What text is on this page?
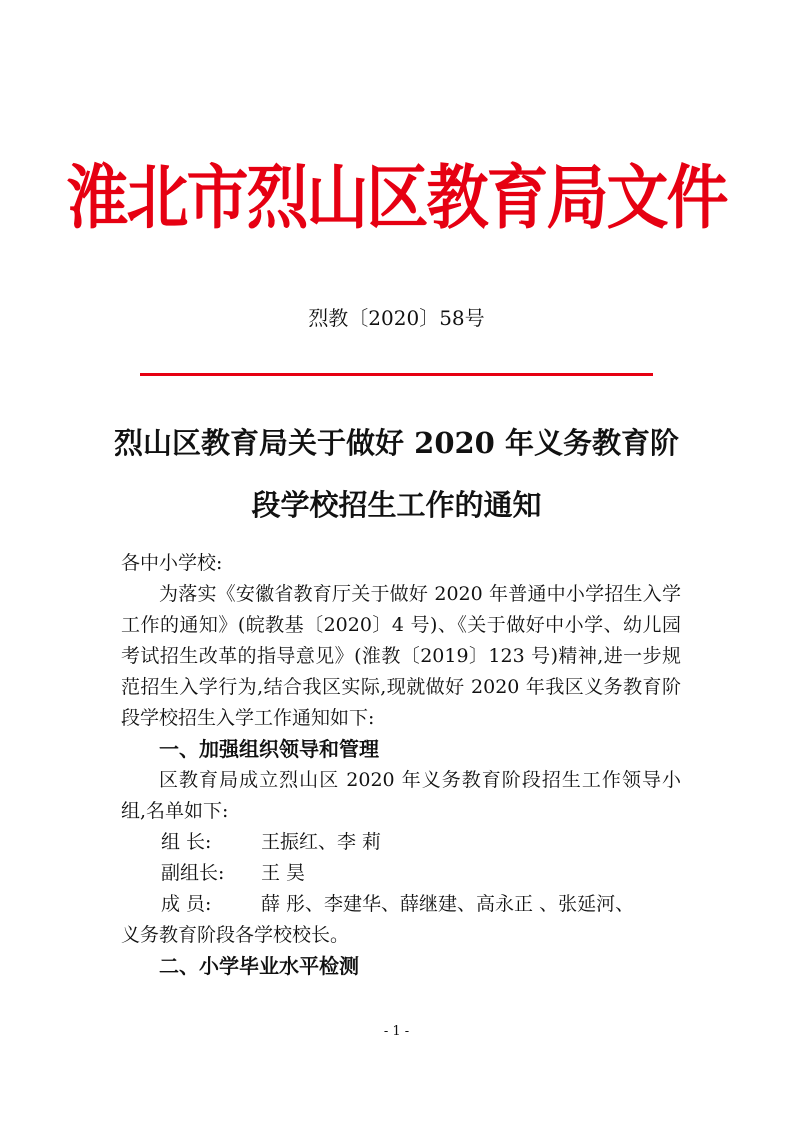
淮北市烈山区教育局文件
烈教〔2020〕58号
烈山区教育局关于做好 2020 年义务教育阶
段学校招生工作的通知

各中小学校:

为落实《安徽省教育厅关于做好 2020 年普通中小学招生入学工作的通知》(皖教基〔2020〕4 号)、《关于做好中小学、幼儿园考试招生改革的指导意见》(淮教〔2019〕123 号)精神,进一步规范招生入学行为,结合我区实际,现就做好 2020 年我区义务教育阶段学校招生入学工作通知如下:

一、加强组织领导和管理

区教育局成立烈山区 2020 年义务教育阶段招生工作领导小组,名单如下:

组 长:	王振红、李 莉

副组长: 王 昊

成 员:	薛 彤、李建华、薛继建、高永正 、张延河、

义务教育阶段各学校校长。

二、小学毕业水平检测

- 1 -
